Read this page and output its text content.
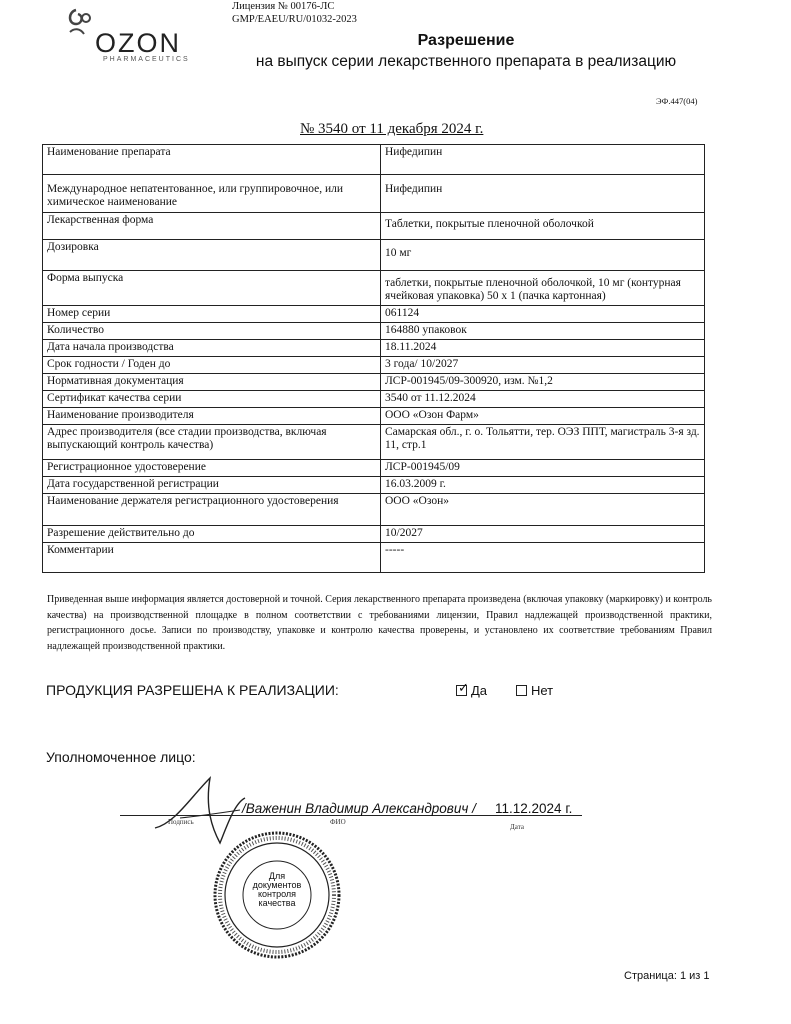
OZON
PHARMACEUTICS
Лицензия № 00176-ЛС
GMP/EAEU/RU/01032-2023
Разрешение
на выпуск серии лекарственного препарата в реализацию
ЭФ.447(04)
№ 3540 от 11 декабря 2024 г.
Наименование препарата	Нифедипин
Международное непатентованное, или группировочное, или химическое наименование	Нифедипин
Лекарственная форма	Таблетки, покрытые пленочной оболочкой
Дозировка	10 мг
Форма выпуска	таблетки, покрытые пленочной оболочкой, 10 мг (контурная ячейковая упаковка) 50 х 1 (пачка картонная)
Номер серии	061124
Количество	164880 упаковок
Дата начала производства	18.11.2024
Срок годности / Годен до	3 года/ 10/2027
Нормативная документация	ЛСР-001945/09-300920, изм. №1,2
Сертификат качества серии	3540 от 11.12.2024
Наименование производителя	ООО «Озон Фарм»
Адрес производителя (все стадии производства, включая выпускающий контроль качества)	Самарская обл., г. о. Тольятти, тер. ОЭЗ ППТ, магистраль 3-я зд. 11, стр.1
Регистрационное удостоверение	ЛСР-001945/09
Дата государственной регистрации	16.03.2009 г.
Наименование держателя регистрационного удостоверения	ООО «Озон»
Разрешение действительно до	10/2027
Комментарии	-----
Приведенная выше информация является достоверной и точной. Серия лекарственного препарата произведена (включая упаковку (маркировку) и контроль качества) на производственной площадке в полном соответствии с требованиями лицензии, Правил надлежащей производственной практики, регистрационного досье. Записи по производству, упаковке и контролю качества проверены, и установлено их соответствие требованиям Правил надлежащей производственной практики.
ПРОДУКЦИЯ РАЗРЕШЕНА К РЕАЛИЗАЦИИ:	✓ Да	Нет
Уполномоченное лицо:
/Важенин Владимир Александрович / 11.12.2024 г.
Подпись	ФИО
Дата
Для
документов
контроля
качества
Страница: 1 из 1
